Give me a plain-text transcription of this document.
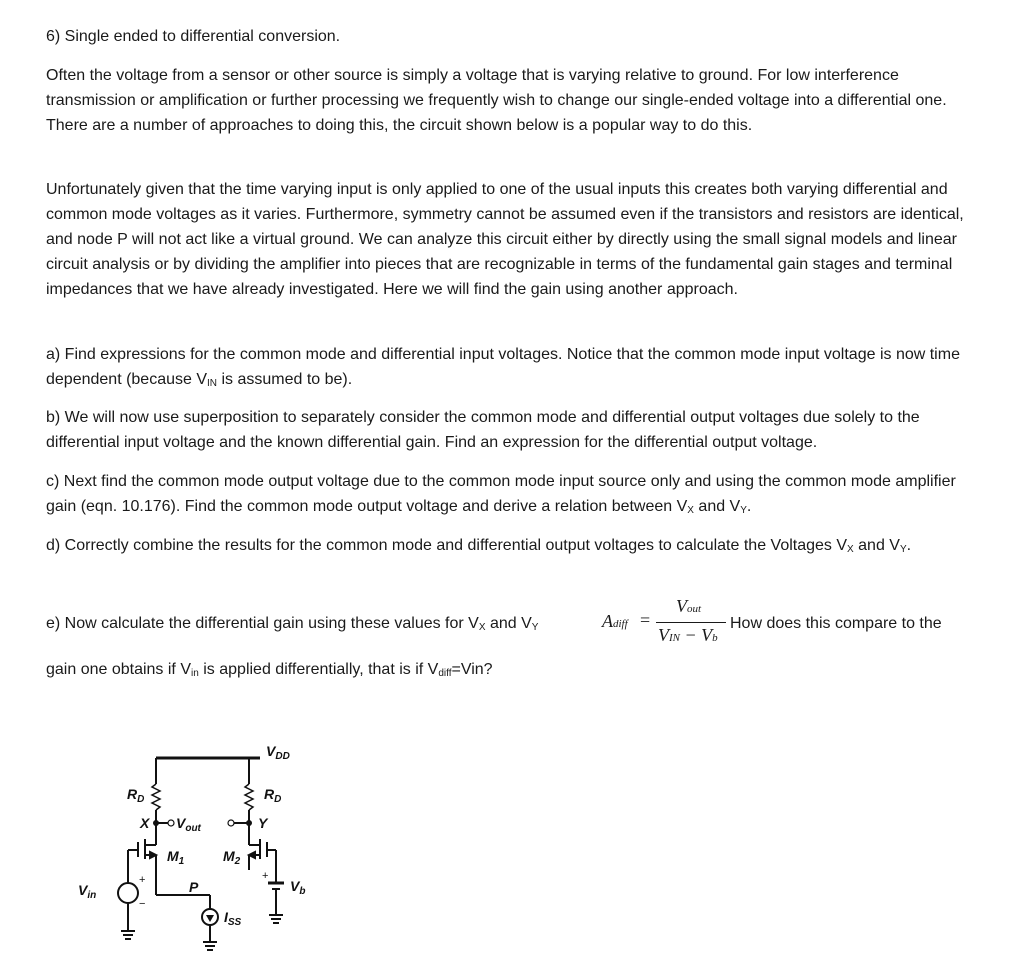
6) Single ended to differential conversion.

Often the voltage from a sensor or other source is simply a voltage that is varying relative to ground. For low interference transmission or amplification or further processing we frequently wish to change our single-ended voltage into a differential one. There are a number of approaches to doing this, the circuit shown below is a popular way to do this.

Unfortunately given that the time varying input is only applied to one of the usual inputs this creates both varying differential and common mode voltages as it varies. Furthermore, symmetry cannot be assumed even if the transistors and resistors are identical, and node P will not act like a virtual ground. We can analyze this circuit either by directly using the small signal models and linear circuit analysis or by dividing the amplifier into pieces that are recognizable in terms of the fundamental gain stages and terminal impedances that we have already investigated. Here we will find the gain using another approach.

a) Find expressions for the common mode and differential input voltages. Notice that the common mode input voltage is now time dependent (because $V_{IN}$ is assumed to be).

b) We will now use superposition to separately consider the common mode and differential output voltages due solely to the differential input voltage and the known differential gain. Find an expression for the differential output voltage.

c) Next find the common mode output voltage due to the common mode input source only and using the common mode amplifier gain (eqn. 10.176). Find the common mode output voltage and derive a relation between $V_X$ and $V_Y$.

d) Correctly combine the results for the common mode and differential output voltages to calculate the Voltages $V_X$ and $V_Y$.

e) Now calculate the differential gain using these values for $V_X$ and $V_Y$	Adiff =
Vout
VIN − Vb
How does this compare to the

gain one obtains if $V_{in}$ is applied differentially, that is if $V_{diff}=Vin$?

$V_{DD}$
$R_D$	$R_D$
X	Y
$V_{out}$
$M_1$	$M_2$
P
$I_{SS}$
$V_{in}$
$V_b$
+
−
+
